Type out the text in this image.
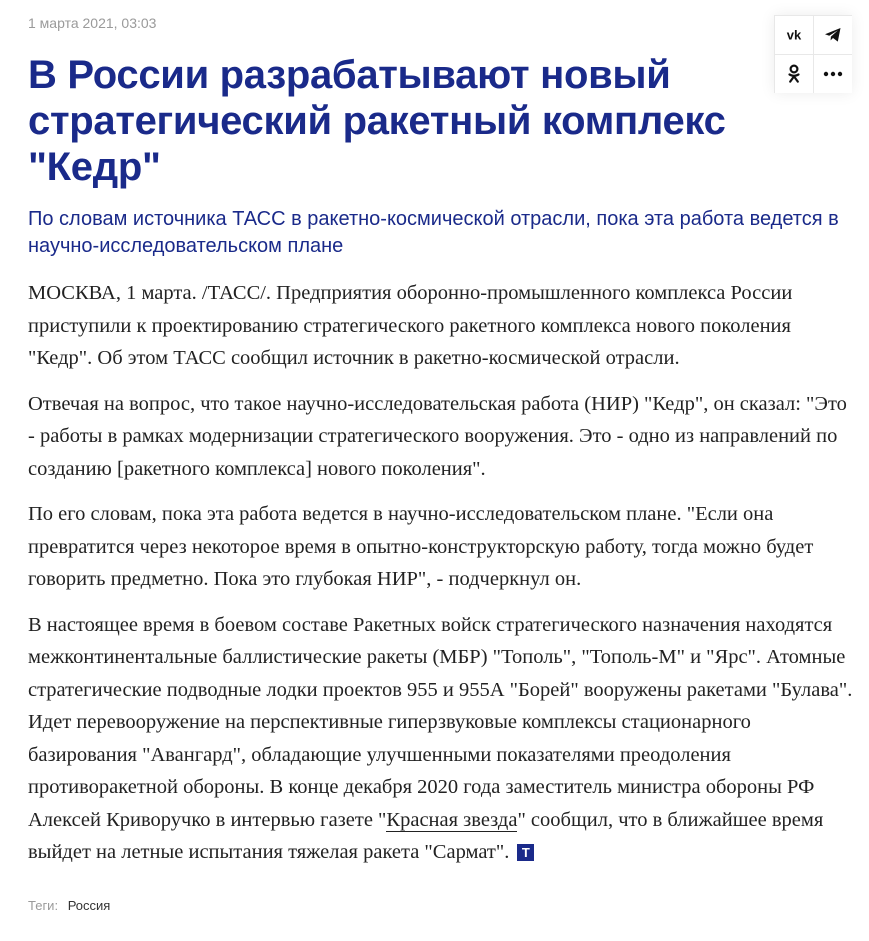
1 марта 2021, 03:03
В России разрабатывают новый стратегический ракетный комплекс "Кедр"
По словам источника ТАСС в ракетно-космической отрасли, пока эта работа ведется в научно-исследовательском плане

МОСКВА, 1 марта. /ТАСС/. Предприятия оборонно-промышленного комплекса России приступили к проектированию стратегического ракетного комплекса нового поколения "Кедр". Об этом ТАСС сообщил источник в ракетно-космической отрасли.

Отвечая на вопрос, что такое научно-исследовательская работа (НИР) "Кедр", он сказал: "Это - работы в рамках модернизации стратегического вооружения. Это - одно из направлений по созданию [ракетного комплекса] нового поколения".

По его словам, пока эта работа ведется в научно-исследовательском плане. "Если она превратится через некоторое время в опытно-конструкторскую работу, тогда можно будет говорить предметно. Пока это глубокая НИР", - подчеркнул он.

В настоящее время в боевом составе Ракетных войск стратегического назначения находятся межконтинентальные баллистические ракеты (МБР) "Тополь", "Тополь-М" и "Ярс". Атомные стратегические подводные лодки проектов 955 и 955А "Борей" вооружены ракетами "Булава". Идет перевооружение на перспективные гиперзвуковые комплексы стационарного базирования "Авангард", обладающие улучшенными показателями преодоления противоракетной обороны. В конце декабря 2020 года заместитель министра обороны РФ Алексей Криворучко в интервью газете "Красная звезда" сообщил, что в ближайшее время выйдет на летные испытания тяжелая ракета "Сармат". T

Теги: Россия
vk
